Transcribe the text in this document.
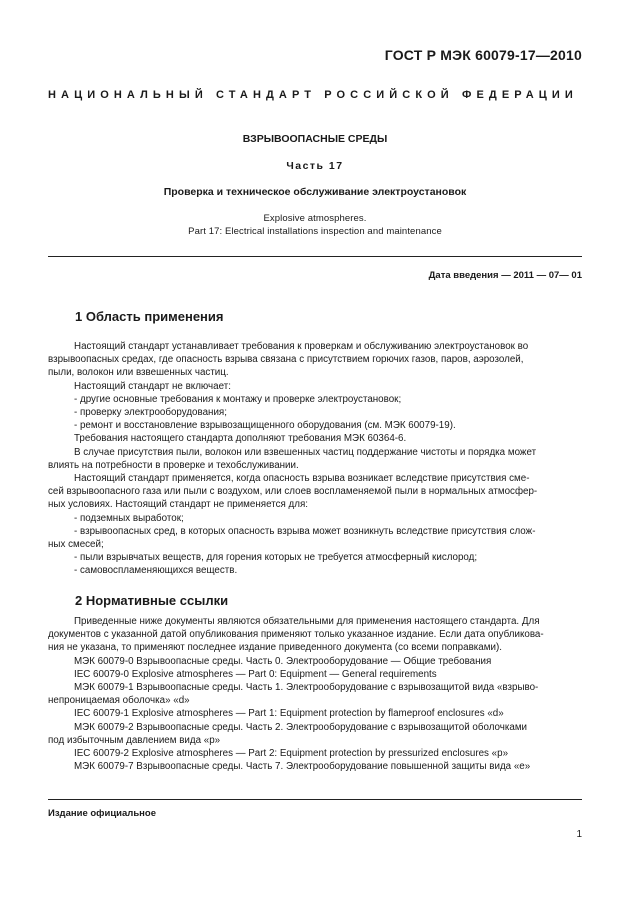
ГОСТ Р МЭК 60079-17—2010
НАЦИОНАЛЬНЫЙ СТАНДАРТ РОССИЙСКОЙ ФЕДЕРАЦИИ
ВЗРЫВООПАСНЫЕ СРЕДЫ
Часть 17
Проверка и техническое обслуживание электроустановок
Explosive atmospheres.
Part 17: Electrical installations inspection and maintenance
Дата введения — 2011 — 07— 01
1 Область применения
Настоящий стандарт устанавливает требования к проверкам и обслуживанию электроустановок во
взрывоопасных средах, где опасность взрыва связана с присутствием горючих газов, паров, аэрозолей,
пыли, волокон или взвешенных частиц.
Настоящий стандарт не включает:
- другие основные требования к монтажу и проверке электроустановок;
- проверку электрооборудования;
- ремонт и восстановление взрывозащищенного оборудования (см. МЭК 60079-19).
Требования настоящего стандарта дополняют требования МЭК 60364-6.
В случае присутствия пыли, волокон или взвешенных частиц поддержание чистоты и порядка может
влиять на потребности в проверке и техобслуживании.
Настоящий стандарт применяется, когда опасность взрыва возникает вследствие присутствия сме-
сей взрывоопасного газа или пыли с воздухом, или слоев воспламеняемой пыли в нормальных атмосфер-
ных условиях. Настоящий стандарт не применяется для:
- подземных выработок;
- взрывоопасных сред, в которых опасность взрыва может возникнуть вследствие присутствия слож-
ных смесей;
- пыли взрывчатых веществ, для горения которых не требуется атмосферный кислород;
- самовоспламеняющихся веществ.
2 Нормативные ссылки
Приведенные ниже документы являются обязательными для применения настоящего стандарта. Для
документов с указанной датой опубликования применяют только указанное издание. Если дата опубликова-
ния не указана, то применяют последнее издание приведенного документа (со всеми поправками).
МЭК 60079-0 Взрывоопасные среды. Часть 0. Электрооборудование — Общие требования
IEC 60079-0 Explosive atmospheres — Part 0: Equipment — General requirements
МЭК 60079-1 Взрывоопасные среды. Часть 1. Электрооборудование с взрывозащитой вида «взрыво-
непроницаемая оболочка» «d»
IEC 60079-1 Explosive atmospheres — Part 1: Equipment protection by flameproof enclosures «d»
МЭК 60079-2 Взрывоопасные среды. Часть 2. Электрооборудование с взрывозащитой оболочками
под избыточным давлением вида «р»
IEC 60079-2 Explosive atmospheres — Part 2: Equipment protection by pressurized enclosures «p»
МЭК 60079-7 Взрывоопасные среды. Часть 7. Электрооборудование повышенной защиты вида «е»
Издание официальное
1
